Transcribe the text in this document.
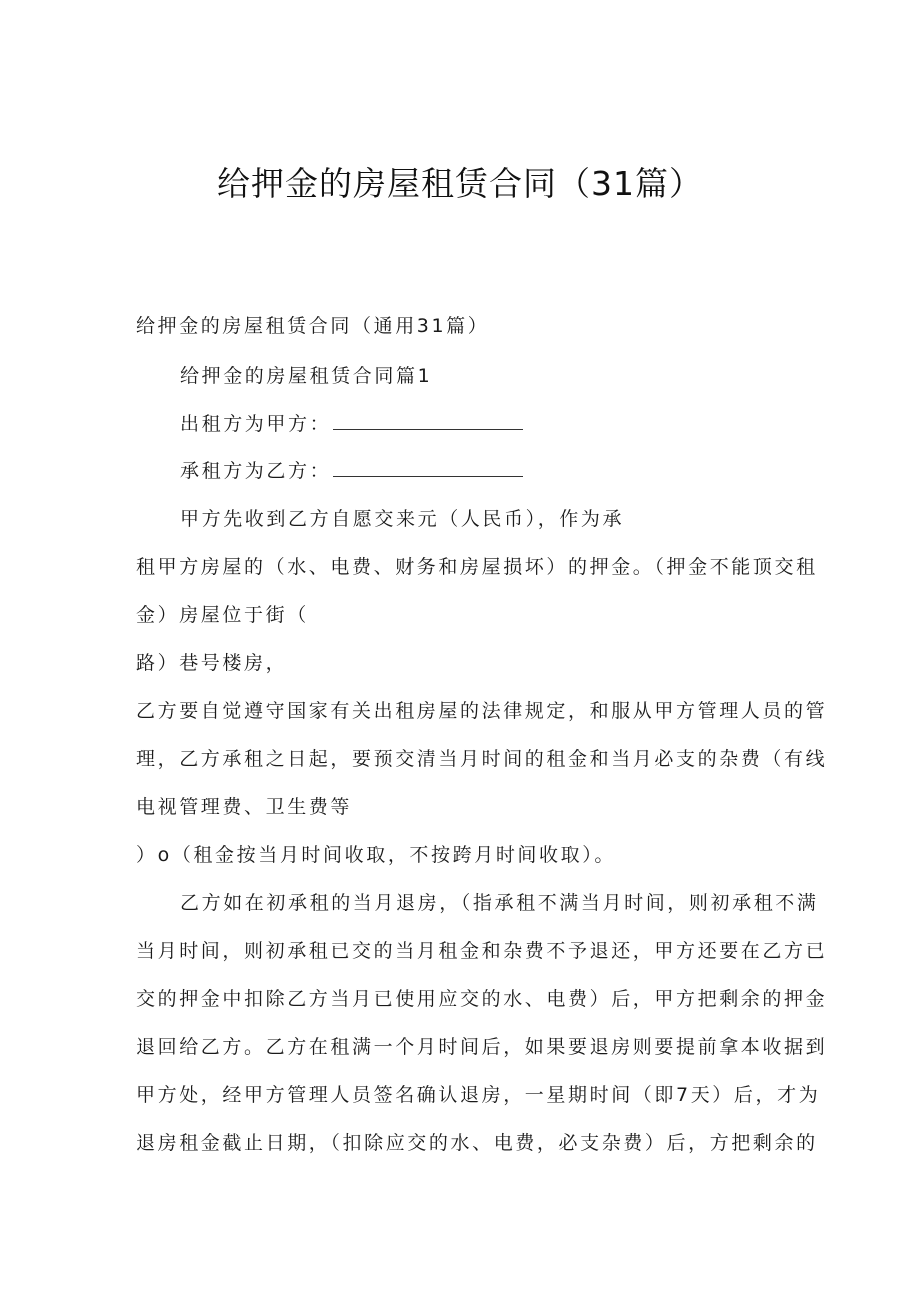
给押金的房屋租赁合同（31篇）
给押金的房屋租赁合同（通用31篇）
给押金的房屋租赁合同篇1
出租方为甲方：
承租方为乙方：
甲方先收到乙方自愿交来元（人民币），作为承
租甲方房屋的（水、电费、财务和房屋损坏）的押金。（押金不能顶交租
金）房屋位于街（
路）巷号楼房，
乙方要自觉遵守国家有关出租房屋的法律规定，和服从甲方管理人员的管
理，乙方承租之日起，要预交清当月时间的租金和当月必支的杂费（有线
电视管理费、卫生费等
）o（租金按当月时间收取，不按跨月时间收取）。
乙方如在初承租的当月退房，（指承租不满当月时间，则初承租不满
当月时间，则初承租已交的当月租金和杂费不予退还，甲方还要在乙方已
交的押金中扣除乙方当月已使用应交的水、电费）后，甲方把剩余的押金
退回给乙方。乙方在租满一个月时间后，如果要退房则要提前拿本收据到
甲方处，经甲方管理人员签名确认退房，一星期时间（即7天）后，才为
退房租金截止日期，（扣除应交的水、电费，必支杂费）后，方把剩余的
